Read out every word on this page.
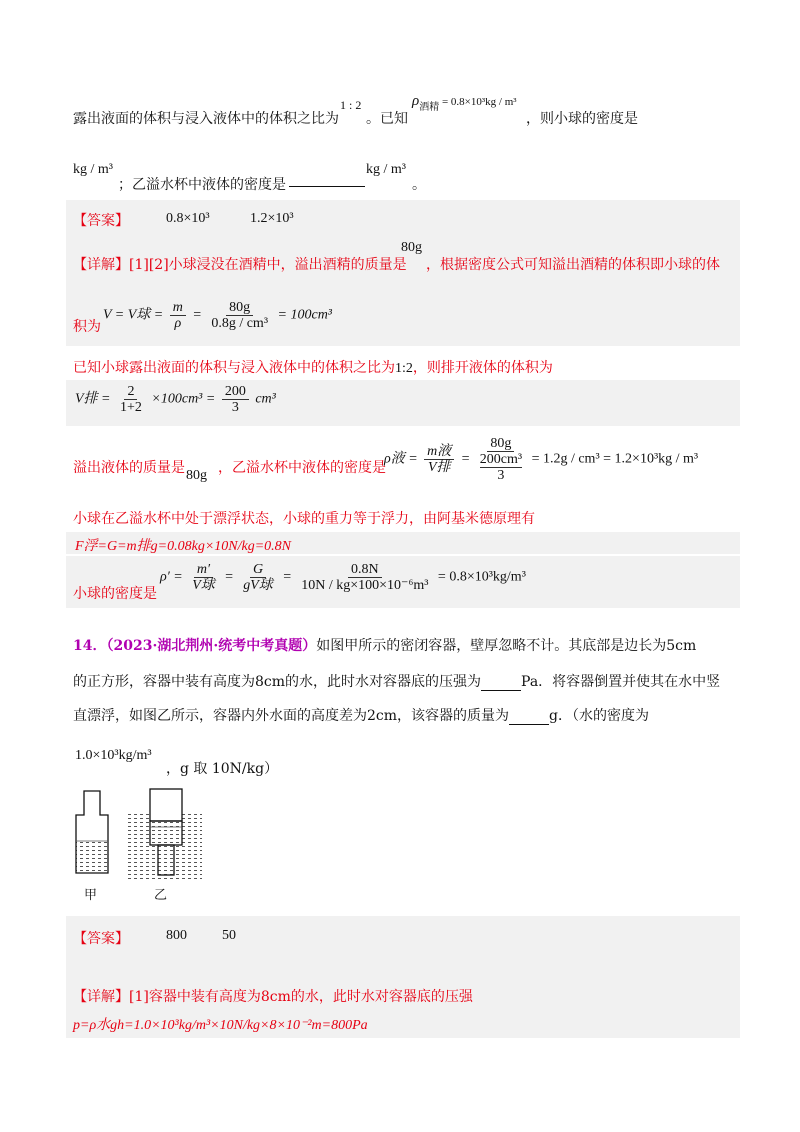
露出液面的体积与浸入液体中的体积之比为
1 : 2
。已知
ρ酒精 = 0.8×10³kg / m³
，则小球的密度是
kg / m³
；乙溢水杯中液体的密度是
kg / m³
。
【答案】	0.8×10³	1.2×10³
【详解】[1][2]小球浸没在酒精中，溢出酒精的质量是
80g
，根据密度公式可知溢出酒精的体积即小球的体
积为
V = V球 = $\frac{m}{\rho} = \frac{80g}{\text{0.8g / cm³}} = 100cm^3$
已知小球露出液面的体积与浸入液体中的体积之比为1:2，则排开液体的体积为
V排 = $\frac{2}{1+2} \times 100cm^3 = \frac{200}{3} cm^3$
溢出液体的质量是 80g ，乙溢水杯中液体的密度是
ρ液 = $\frac{\text{m液}}{\text{V排}} = \frac{80g}{\frac{\text{200cm³}}{3}} = 1.2g / cm^3 = 1.2\times 10^3kg / m^3$
小球在乙溢水杯中处于漂浮状态，小球的重力等于浮力，由阿基米德原理有
F浮=G=m排g=0.08kg×10N/kg=0.8N
小球的密度是
$\rho' = \frac{m'}{\text{V球}} = \frac{G}{\text{gV球}} = \frac{0.8N}{\text{10N / kg×100×10⁻⁶m³}} = 0.8\times 10^3kg/m^3$
14．（2023·湖北荆州·统考中考真题）如图甲所示的密闭容器，壁厚忽略不计。其底部是边长为5cm
的正方形，容器中装有高度为8cm的水，此时水对容器底的压强为	Pa．将容器倒置并使其在水中竖
直漂浮，如图乙所示，容器内外水面的高度差为2cm，该容器的质量为	g．（水的密度为
1.0×10³kg/m³
，g 取 10N/kg）
甲	乙
【答案】	800	50
【详解】[1]容器中装有高度为8cm的水，此时水对容器底的压强
p=ρ水gh=1.0×10³kg/m³×10N/kg×8×10⁻²m=800Pa
